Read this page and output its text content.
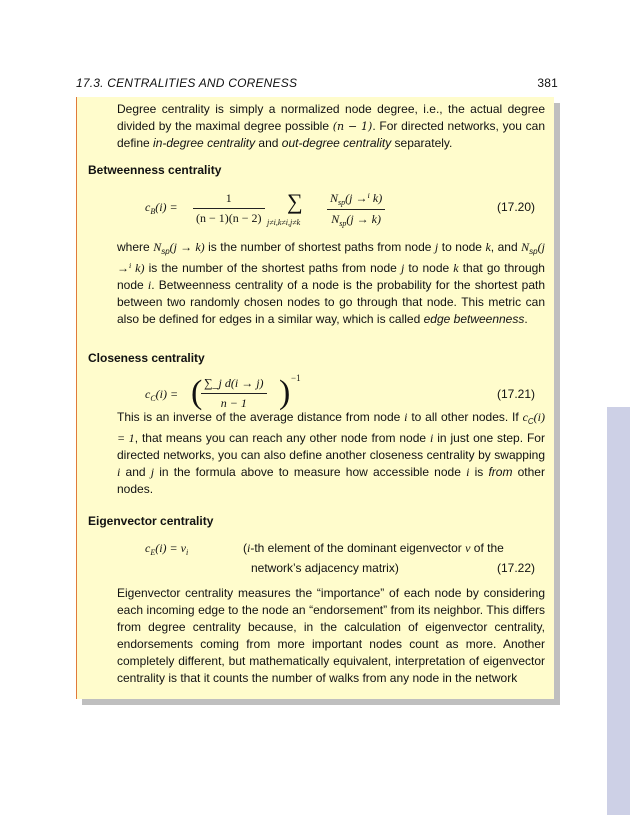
17.3. CENTRALITIES AND CORENESS	381
Degree centrality is simply a normalized node degree, i.e., the actual degree divided by the maximal degree possible (n − 1). For directed networks, you can define in-degree centrality and out-degree centrality separately.
Betweenness centrality
$c_B(i) = \frac{1}{(n - 1)(n - 2)}$ ∑
j≠i,k≠i,j≠k
$N_{sp}(j \to^i$ k)
$N_{sp}(j \to k)$
(17.20)
where $N_{sp}(j \to k)$ is the number of shortest paths from node j to node k, and $N_{sp}(j \to^i$ k) is the number of the shortest paths from node j to node k that go through node i. Betweenness centrality of a node is the probability for the shortest path between two randomly chosen nodes to go through that node. This metric can also be defined for edges in a similar way, which is called edge betweenness.
Closeness centrality
$c_C(i)$ = (
$\frac{\text{∑\_j d(i → j)}}{n - 1}$ ) −1
(17.21)
This is an inverse of the average distance from node i to all other nodes. If $c_C(i) = 1$, that means you can reach any other node from node i in just one step. For directed networks, you can also define another closeness centrality by swapping i and j in the formula above to measure how accessible node i is from other nodes.
Eigenvector centrality
$c_E(i) = v_i$	(i-th element of the dominant eigenvector v of the
network’s adjacency matrix)	(17.22)
Eigenvector centrality measures the “importance” of each node by considering each incoming edge to the node an “endorsement” from its neighbor. This differs from degree centrality because, in the calculation of eigenvector centrality, endorsements coming from more important nodes count as more. Another completely different, but mathematically equivalent, interpretation of eigenvector centrality is that it counts the number of walks from any node in the network
